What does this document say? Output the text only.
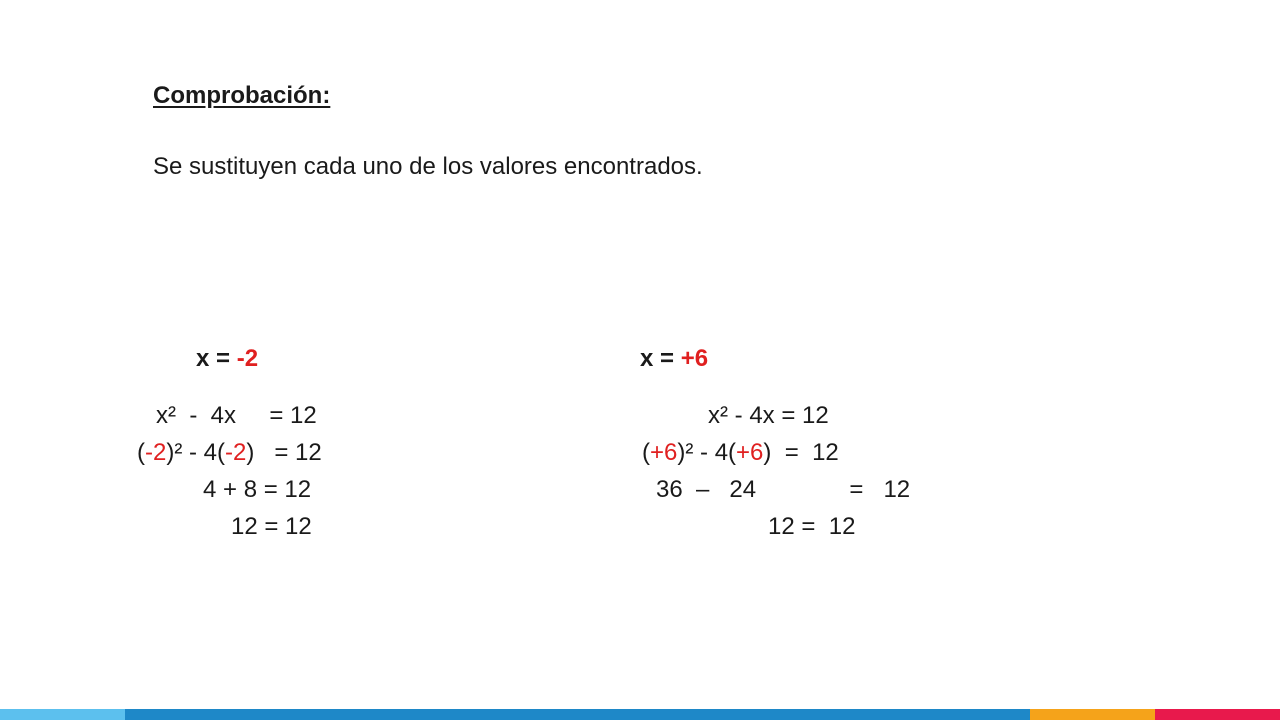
Comprobación:
Se sustituyen cada uno de los valores encontrados.
x = -2
x²  -  4x     = 12
(-2)² - 4(-2)   = 12
4 + 8 = 12
12 = 12
x = +6
x² - 4x = 12
(+6)² - 4(+6)  =  12
36  –   24              =   12
12 =  12
